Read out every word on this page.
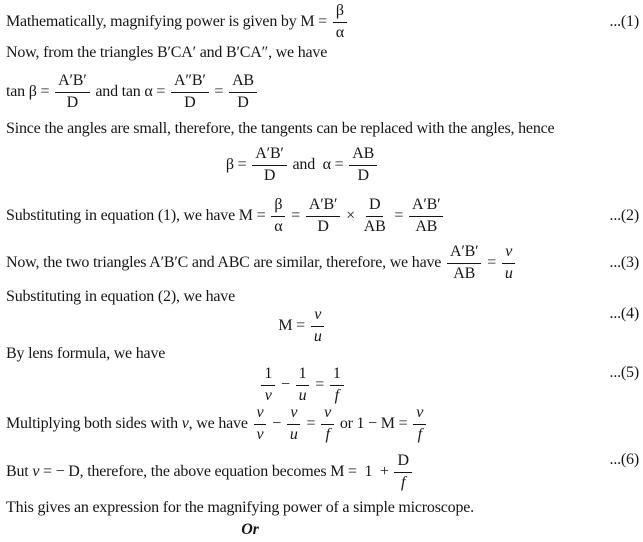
Mathematically, magnifying power is given by $M = \frac{\beta}{\alpha}$	...(1)
Now, from the triangles B′CA′ and B′CA″, we have
$\tan \beta = \frac{A'B'}{D}$ and $\tan \alpha = \frac{A''B'}{D} = \frac{AB}{D}$
Since the angles are small, therefore, the tangents can be replaced with the angles, hence
$\beta = \frac{A'B'}{D}$ and  $\alpha = \frac{AB}{D}$
Substituting in equation (1), we have $M = \frac{\beta}{\alpha} = \frac{A'B'}{D} \times \frac{D}{AB} = \frac{A'B'}{AB}$	...(2)
Now, the two triangles A′B′C and ABC are similar, therefore, we have $\frac{A'B'}{AB} = \frac{v}{u}$	...(3)
Substituting in equation (2), we have
$M = \frac{v}{u}$	...(4)
By lens formula, we have
$\frac{1}{v} - \frac{1}{u} = \frac{1}{f}$	...(5)
Multiplying both sides with v , we have $\frac{v}{v} - \frac{v}{u} = \frac{v}{f}$ or $1 - M = \frac{v}{f}$
But v = − D, therefore, the above equation becomes $M = 1 + \frac{D}{f}$	...(6)
This gives an expression for the magnifying power of a simple microscope.
Or
